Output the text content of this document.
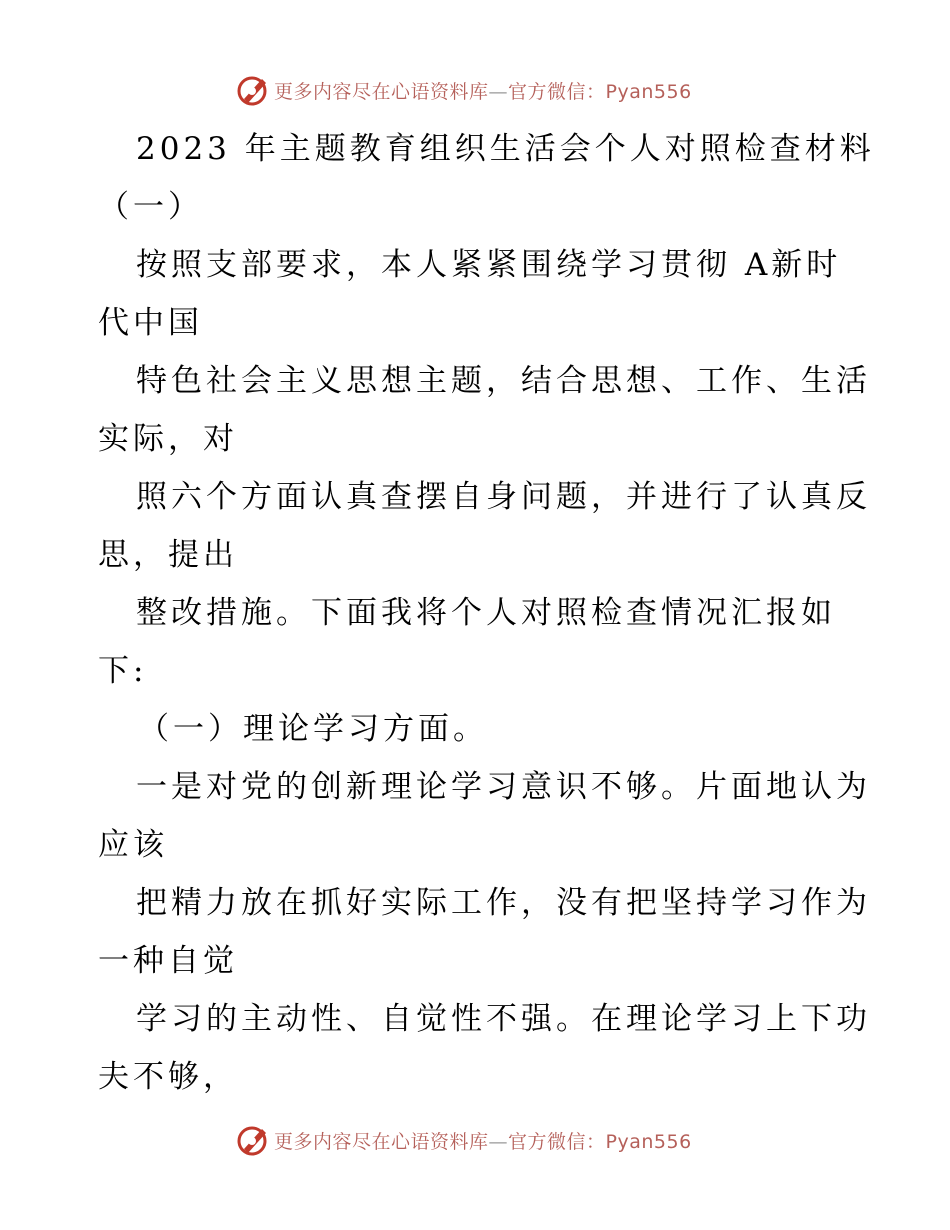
更多内容尽在心语资料库—官方微信：Pyan556
2023 年主题教育组织生活会个人对照检查材料
（一）
按照支部要求，本人紧紧围绕学习贯彻 A新时
代中国
特色社会主义思想主题，结合思想、工作、生活
实际，对
照六个方面认真查摆自身问题，并进行了认真反
思，提出
整改措施。下面我将个人对照检查情况汇报如
下:
（一）理论学习方面。
一是对党的创新理论学习意识不够。片面地认为
应该
把精力放在抓好实际工作，没有把坚持学习作为
一种自觉
学习的主动性、自觉性不强。在理论学习上下功
夫不够，
更多内容尽在心语资料库—官方微信：Pyan556
